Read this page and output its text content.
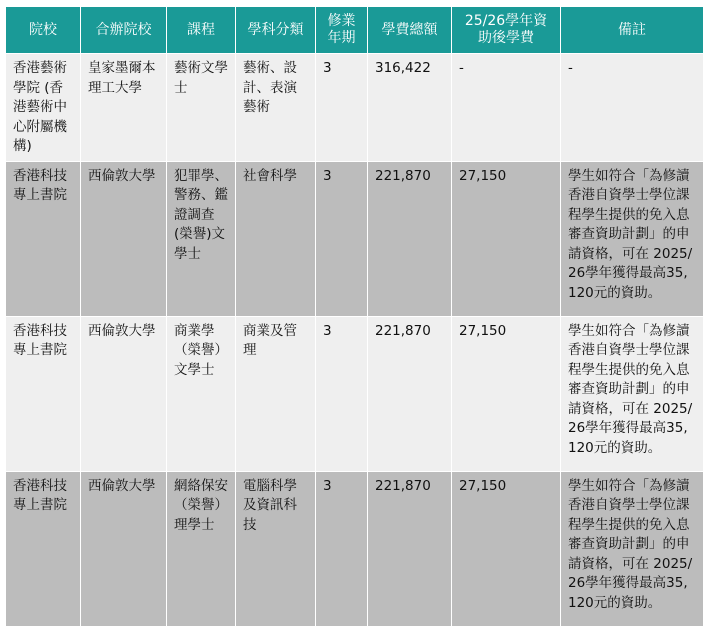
院校	合辦院校	課程	學科分類	修業年期	學費總額	25/26學年資助後學費	備註
香港藝術學院 (香港藝術中心附屬機構)	皇家墨爾本理工大學	藝術文學士	藝術、設計、表演藝術	3	316,422	-	-
香港科技專上書院	西倫敦大學	犯罪學、警務、鑑證調查(榮譽)文學士	社會科學	3	221,870	27,150	學生如符合「為修讀香港自資學士學位課程學生提供的免入息審查資助計劃」的申請資格，可在 2025/26學年獲得最高35,120元的資助。
香港科技專上書院	西倫敦大學	商業學（榮譽）文學士	商業及管理	3	221,870	27,150	學生如符合「為修讀香港自資學士學位課程學生提供的免入息審查資助計劃」的申請資格，可在 2025/26學年獲得最高35,120元的資助。
香港科技專上書院	西倫敦大學	網絡保安（榮譽）理學士	電腦科學及資訊科技	3	221,870	27,150	學生如符合「為修讀香港自資學士學位課程學生提供的免入息審查資助計劃」的申請資格，可在 2025/26學年獲得最高35,120元的資助。
